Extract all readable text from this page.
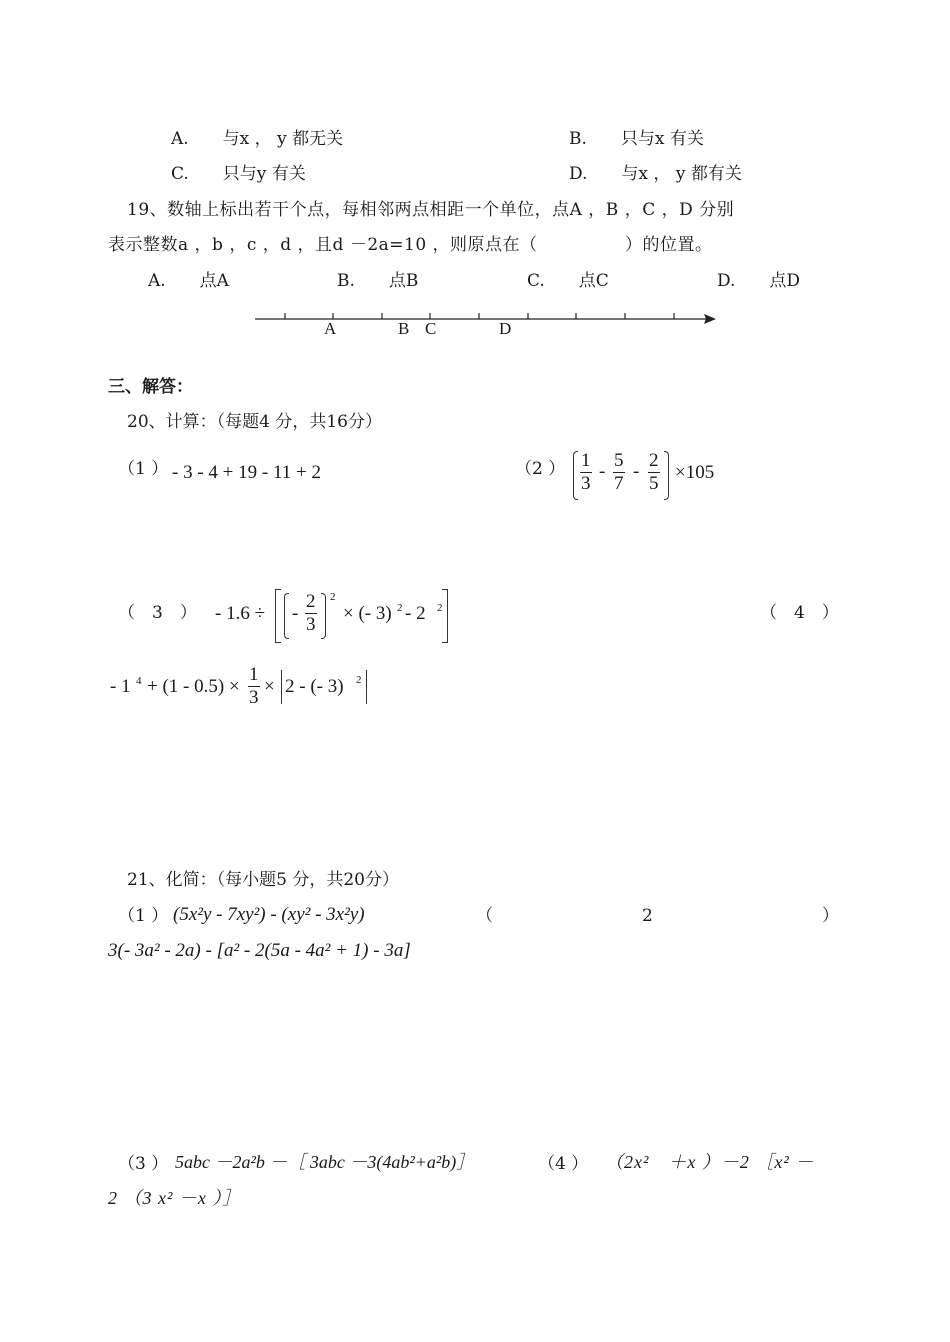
A.　　与x ， y 都无关	B.　　只与x 有关
C.　　只与y 有关	D.　　与x ， y 都有关
19、数轴上标出若干个点，每相邻两点相距一个单位，点A ，B ，C ，D 分别
表示整数a ，b ，c ，d ，且d －2a=10 ，则原点在（　　　　　）的位置。
A.　　点A	B.　　点B	C.　　点C	D.　　点D
A	B C	D
三、解答：
20、计算：（每题4 分，共16分）
（1 ） - 3 - 4 + 19 - 11 + 2	（2 ） $\frac{1}{3} - \frac{5}{7} - \frac{2}{5} \times 105$
（　3　） - 1.6 ÷ - $\frac{2}{3} 2$
× (- 3) 2 - 2 2	（　4　）
- 1 $4 + (1 - 0.5) \times \frac{1}{3} \times 2$ - (- 3) 2
21、化简：（每小题5 分，共20分）
（1 ） (5x²y - 7xy²) - (xy² - 3x²y)	（	2	）
3(- 3a² - 2a) - [a² - 2(5a - 4a² + 1) - 3a]
（3 ） 5abc －2a²b －［ 3abc －3(4ab²+a²b)］	（4 ） （2x²　＋x ）－2 ［x² －
2 （3 x² －x ）］
